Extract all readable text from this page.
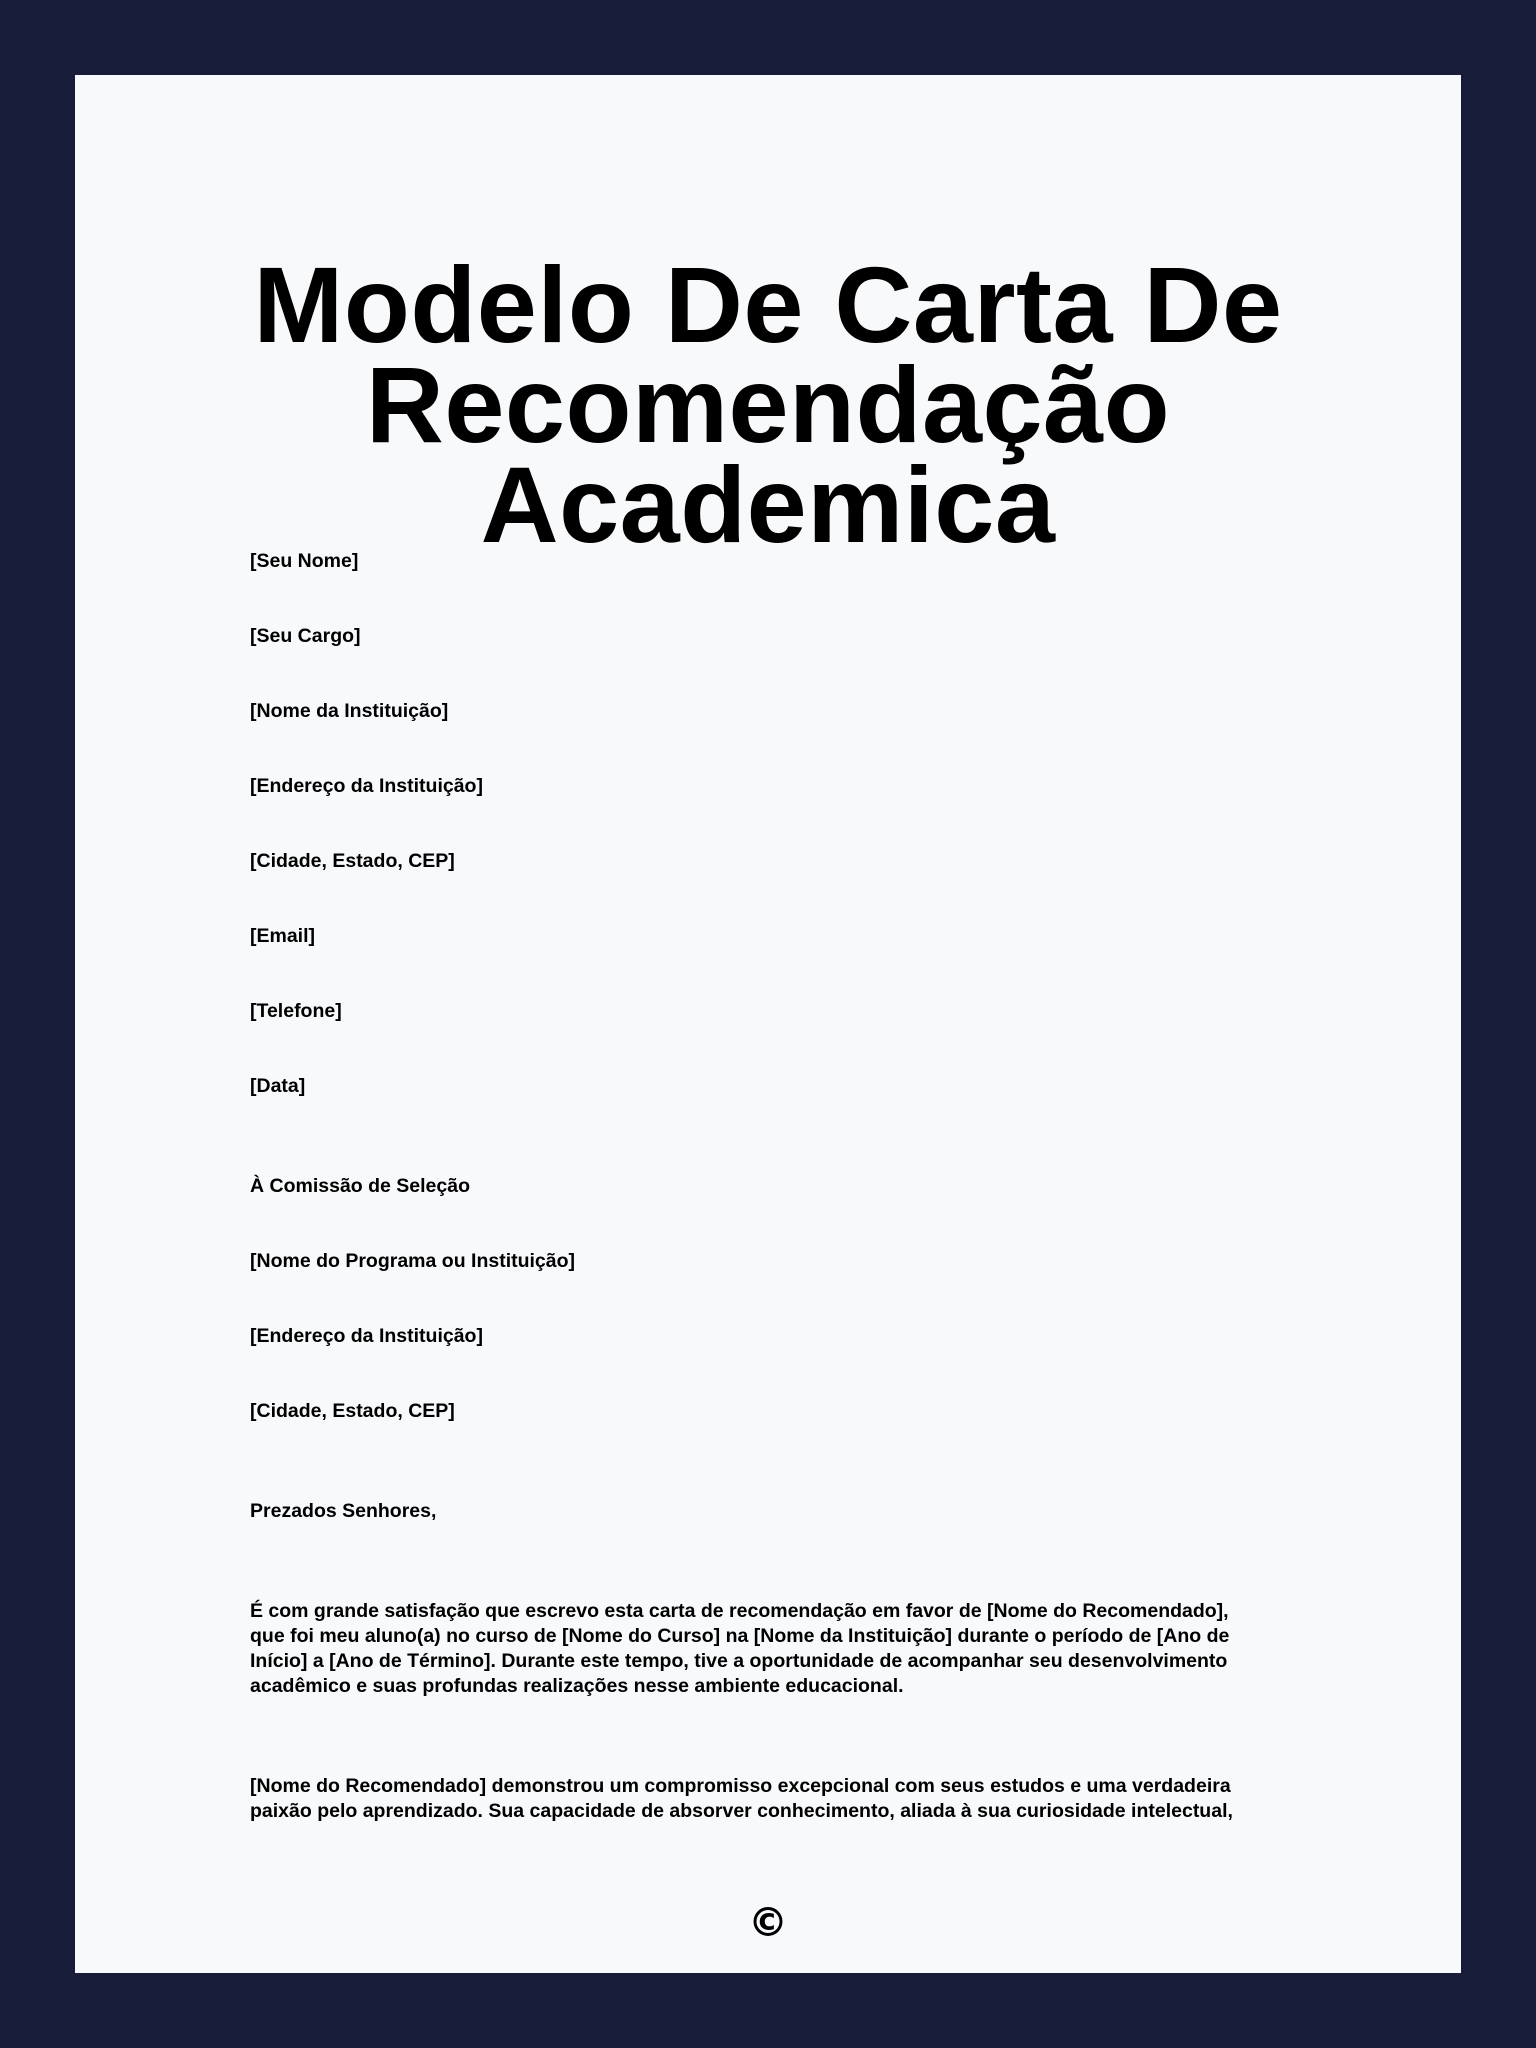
Modelo De Carta De
Recomendação Academica
[Seu Nome]
[Seu Cargo]
[Nome da Instituição]
[Endereço da Instituição]
[Cidade, Estado, CEP]
[Email]
[Telefone]
[Data]
À Comissão de Seleção
[Nome do Programa ou Instituição]
[Endereço da Instituição]
[Cidade, Estado, CEP]
Prezados Senhores,
É com grande satisfação que escrevo esta carta de recomendação em favor de [Nome do Recomendado],
que foi meu aluno(a) no curso de [Nome do Curso] na [Nome da Instituição] durante o período de [Ano de
Início] a [Ano de Término]. Durante este tempo, tive a oportunidade de acompanhar seu desenvolvimento
acadêmico e suas profundas realizações nesse ambiente educacional.
[Nome do Recomendado] demonstrou um compromisso excepcional com seus estudos e uma verdadeira
paixão pelo aprendizado. Sua capacidade de absorver conhecimento, aliada à sua curiosidade intelectual,
©
